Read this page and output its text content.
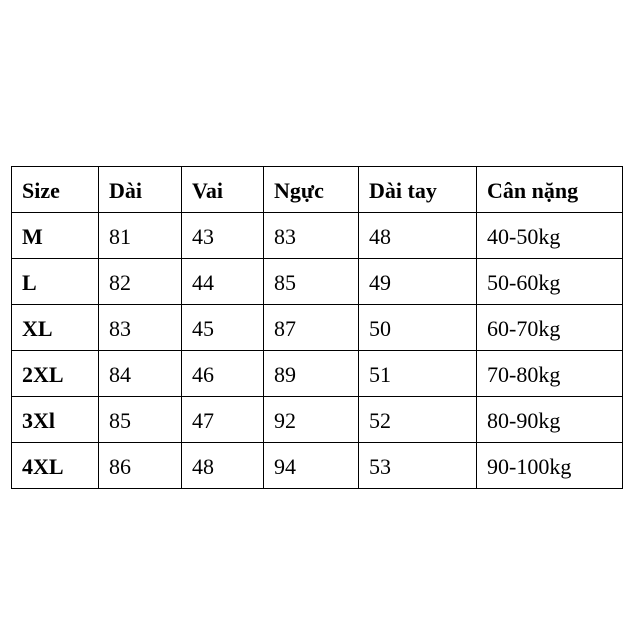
Size	Dài	Vai	Ngực	Dài tay	Cân nặng
M	81	43	83	48	40-50kg
L	82	44	85	49	50-60kg
XL	83	45	87	50	60-70kg
2XL	84	46	89	51	70-80kg
3Xl	85	47	92	52	80-90kg
4XL	86	48	94	53	90-100kg
